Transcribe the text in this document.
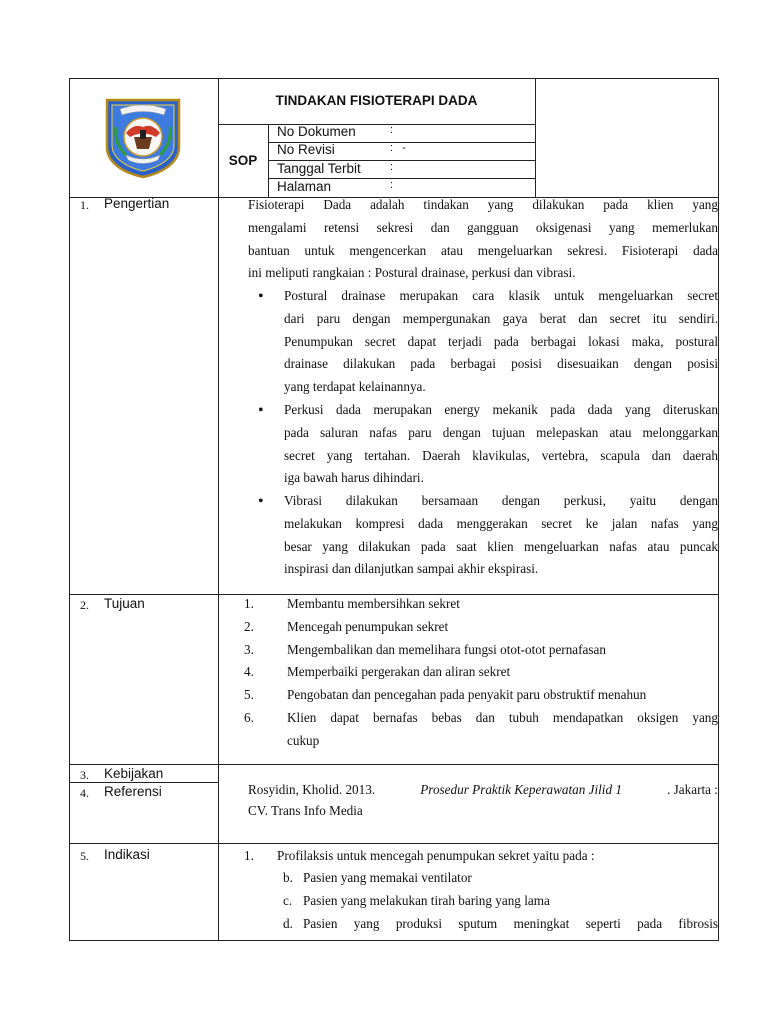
TINDAKAN FISIOTERAPI DADA
SOP
No Dokumen	:
No Revisi	:   -
Tanggal Terbit	:
Halaman	:
1. Pengertian	Fisioterapi Dada adalah tindakan yang dilakukan pada klien yang
mengalami retensi sekresi dan gangguan oksigenasi yang memerlukan
bantuan untuk mengencerkan atau mengeluarkan sekresi. Fisioterapi dada
ini meliputi rangkaian : Postural drainase, perkusi dan vibrasi.
• Postural drainase merupakan cara klasik untuk mengeluarkan secret
dari paru dengan mempergunakan gaya berat dan secret itu sendiri.
Penumpukan secret dapat terjadi pada berbagai lokasi maka, postural
drainase dilakukan pada berbagai posisi disesuaikan dengan posisi
yang terdapat kelainannya.
• Perkusi dada merupakan energy mekanik pada dada yang diteruskan
pada saluran nafas paru dengan tujuan melepaskan atau melonggarkan
secret yang tertahan. Daerah klavikulas, vertebra, scapula dan daerah
iga bawah harus dihindari.
• Vibrasi dilakukan bersamaan dengan perkusi, yaitu dengan
melakukan kompresi dada menggerakan secret ke jalan nafas yang
besar yang dilakukan pada saat klien mengeluarkan nafas atau puncak
inspirasi dan dilanjutkan sampai akhir ekspirasi.
2. Tujuan	1.	Membantu membersihkan sekret
2.	Mencegah penumpukan sekret
3.	Mengembalikan dan memelihara fungsi otot-otot pernafasan
4.	Memperbaiki pergerakan dan aliran sekret
5.	Pengobatan dan pencegahan pada penyakit paru obstruktif menahun
6.	Klien dapat bernafas bebas dan tubuh mendapatkan oksigen yang
cukup
3. Kebijakan
4. Referensi	Rosyidin, Kholid. 2013.	Prosedur Praktik Keperawatan Jilid 1	. Jakarta :
CV. Trans Info Media
5. Indikasi	1. Profilaksis untuk mencegah penumpukan sekret yaitu pada :
b. Pasien yang memakai ventilator
c. Pasien yang melakukan tirah baring yang lama
d. Pasien yang produksi sputum meningkat seperti pada fibrosis
